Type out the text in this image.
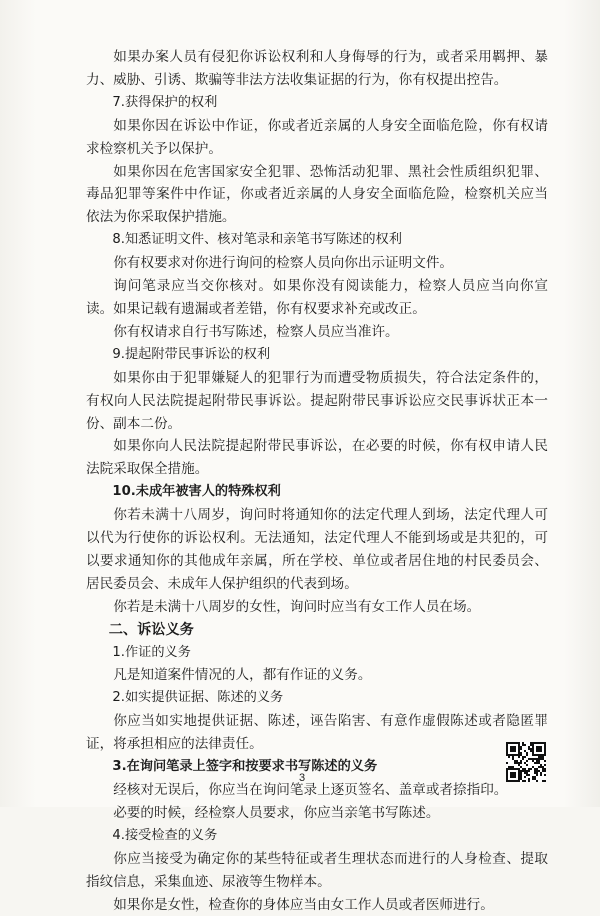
如果办案人员有侵犯你诉讼权利和人身侮辱的行为，或者采用羁押、暴力、威胁、引诱、欺骗等非法方法收集证据的行为，你有权提出控告。

7.获得保护的权利

如果你因在诉讼中作证，你或者近亲属的人身安全面临危险，你有权请求检察机关予以保护。

如果你因在危害国家安全犯罪、恐怖活动犯罪、黑社会性质组织犯罪、毒品犯罪等案件中作证，你或者近亲属的人身安全面临危险，检察机关应当依法为你采取保护措施。

8.知悉证明文件、核对笔录和亲笔书写陈述的权利

你有权要求对你进行询问的检察人员向你出示证明文件。

询问笔录应当交你核对。如果你没有阅读能力，检察人员应当向你宣读。如果记载有遗漏或者差错，你有权要求补充或改正。

你有权请求自行书写陈述，检察人员应当准许。

9.提起附带民事诉讼的权利

如果你由于犯罪嫌疑人的犯罪行为而遭受物质损失，符合法定条件的，有权向人民法院提起附带民事诉讼。提起附带民事诉讼应交民事诉状正本一份、副本二份。

如果你向人民法院提起附带民事诉讼，在必要的时候，你有权申请人民法院采取保全措施。

10.未成年被害人的特殊权利

你若未满十八周岁，询问时将通知你的法定代理人到场，法定代理人可以代为行使你的诉讼权利。无法通知，法定代理人不能到场或是共犯的，可以要求通知你的其他成年亲属，所在学校、单位或者居住地的村民委员会、居民委员会、未成年人保护组织的代表到场。

你若是未满十八周岁的女性，询问时应当有女工作人员在场。

二、诉讼义务

1.作证的义务

凡是知道案件情况的人，都有作证的义务。

2.如实提供证据、陈述的义务

你应当如实地提供证据、陈述，诬告陷害、有意作虚假陈述或者隐匿罪证，将承担相应的法律责任。

3.在询问笔录上签字和按要求书写陈述的义务

经核对无误后，你应当在询问笔录上逐页签名、盖章或者捺指印。

必要的时候，经检察人员要求，你应当亲笔书写陈述。

4.接受检查的义务

你应当接受为确定你的某些特征或者生理状态而进行的人身检查、提取指纹信息，采集血迹、尿液等生物样本。

如果你是女性，检查你的身体应当由女工作人员或者医师进行。

3
